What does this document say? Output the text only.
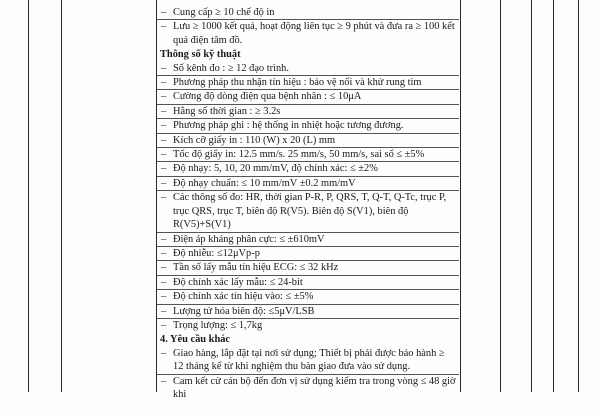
– Cung cấp ≥ 10 chế độ in
– Lưu ≥ 1000 kết quả, hoạt động liên tục ≥ 9 phút và đưa ra ≥ 100 kết quả điện tâm đồ.
Thông số kỹ thuật
– Số kênh đo : ≥ 12 đạo trình.
– Phương pháp thu nhận tín hiệu : bảo vệ nối và khử rung tim
– Cường độ dòng điện qua bệnh nhân : ≤ 10μA
– Hằng số thời gian : ≥ 3.2s
– Phương pháp ghi : hệ thống in nhiệt hoặc tương đương.
– Kích cỡ giấy in : 110 (W) x 20 (L) mm
– Tốc độ giấy in: 12.5 mm/s. 25 mm/s, 50 mm/s, sai số ≤ ±5%
– Độ nhạy: 5, 10, 20 mm/mV, độ chính xác: ≤ ±2%
– Độ nhạy chuẩn: ≤ 10 mm/mV ±0.2 mm/mV
– Các thông số đo: HR, thời gian P-R, P, QRS, T, Q-T, Q-Tc, trục P, trục QRS, trục T, biên độ R(V5). Biên độ S(V1), biên độ R(V5)+S(V1)
– Điện áp kháng phân cực: ≤ ±610mV
– Độ nhiễu: ≤12μVp-p
– Tần số lấy mẫu tín hiệu ECG: ≤ 32 kHz
– Độ chính xác lấy mẫu: ≤ 24-bit
– Độ chính xác tín hiệu vào: ≤ ±5%
– Lượng tử hóa biên độ: ≤5μV/LSB
– Trọng lượng: ≤ 1,7kg
4. Yêu cầu khác
– Giao hàng, lắp đặt tại nơi sử dụng; Thiết bị phải được bảo hành ≥ 12 tháng kể từ khi nghiệm thu bàn giao đưa vào sử dụng.
– Cam kết cử cán bộ đến đơn vị sử dụng kiểm tra trong vòng ≤ 48 giờ khi
